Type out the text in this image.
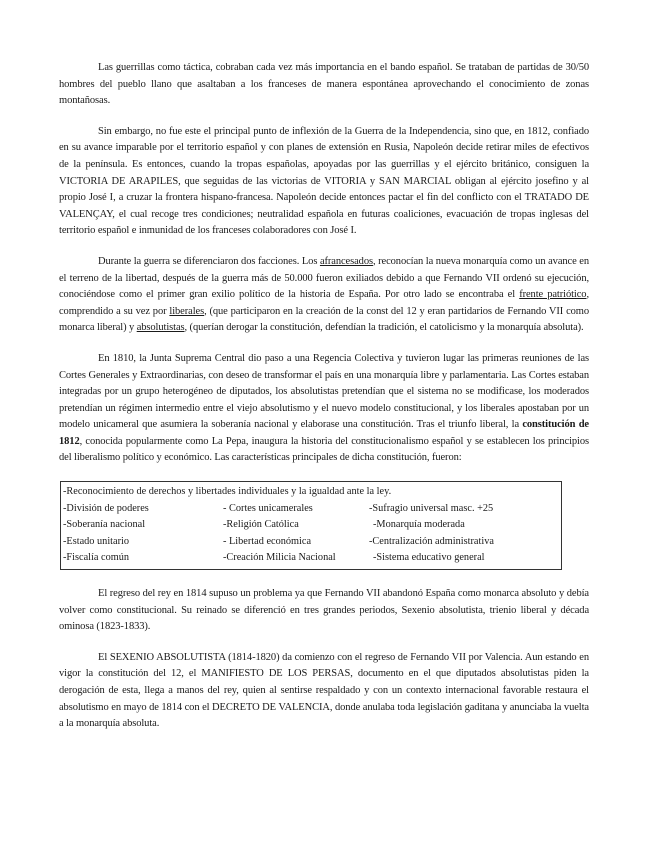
Las guerrillas como táctica, cobraban cada vez más importancia en el bando español. Se trataban de partidas de 30/50 hombres del pueblo llano que asaltaban a los franceses de manera espontánea aprovechando el conocimiento de zonas montañosas.

Sin embargo, no fue este el principal punto de inflexión de la Guerra de la Independencia, sino que, en 1812, confiado en su avance imparable por el territorio español y con planes de extensión en Rusia, Napoleón decide retirar miles de efectivos de la península. Es entonces, cuando la tropas españolas, apoyadas por las guerrillas y el ejército británico, consiguen la VICTORIA DE ARAPILES, que seguidas de las victorias de VITORIA y SAN MARCIAL obligan al ejército josefino y al propio José I, a cruzar la frontera hispano-francesa. Napoleón decide entonces pactar el fin del conflicto con el TRATADO DE VALENÇAY, el cual recoge tres condiciones; neutralidad española en futuras coaliciones, evacuación de tropas inglesas del territorio español e inmunidad de los franceses colaboradores con José I.

Durante la guerra se diferenciaron dos facciones. Los afrancesados, reconocían la nueva monarquía como un avance en el terreno de la libertad, después de la guerra más de 50.000 fueron exiliados debido a que Fernando VII ordenó su ejecución, conociéndose como el primer gran exilio político de la historia de España. Por otro lado se encontraba el frente patriótico, comprendido a su vez por liberales, (que participaron en la creación de la const del 12 y eran partidarios de Fernando VII como monarca liberal) y absolutistas, (querían derogar la constitución, defendían la tradición, el catolicismo y la monarquía absoluta).

En 1810, la Junta Suprema Central dio paso a una Regencia Colectiva y tuvieron lugar las primeras reuniones de las Cortes Generales y Extraordinarias, con deseo de transformar el país en una monarquía libre y parlamentaria. Las Cortes estaban integradas por un grupo heterogéneo de diputados, los absolutistas pretendían que el sistema no se modificase, los moderados pretendían un régimen intermedio entre el viejo absolutismo y el nuevo modelo constitucional, y los liberales apostaban por un modelo unicameral que asumiera la soberanía nacional y elaborase una constitución. Tras el triunfo liberal, la constitución de 1812, conocida popularmente como La Pepa, inaugura la historia del constitucionalismo español y se establecen los principios del liberalismo político y económico. Las características principales de dicha constitución, fueron:

-Reconocimiento de derechos y libertades individuales y la igualdad ante la ley.
-División de poderes	- Cortes unicamerales	-Sufragio universal masc. +25
-Soberanía nacional	-Religión Católica	-Monarquía moderada
-Estado unitario	- Libertad económica	-Centralización administrativa
-Fiscalía común	-Creación Milicia Nacional	-Sistema educativo general

El regreso del rey en 1814 supuso un problema ya que Fernando VII abandonó España como monarca absoluto y debía volver como constitucional. Su reinado se diferenció en tres grandes periodos, Sexenio absolutista, trienio liberal y década ominosa (1823-1833).

El SEXENIO ABSOLUTISTA (1814-1820) da comienzo con el regreso de Fernando VII por Valencia. Aun estando en vigor la constitución del 12, el MANIFIESTO DE LOS PERSAS, documento en el que diputados absolutistas piden la derogación de esta, llega a manos del rey, quien al sentirse respaldado y con un contexto internacional favorable restaura el absolutismo en mayo de 1814 con el DECRETO DE VALENCIA, donde anulaba toda legislación gaditana y anunciaba la vuelta a la monarquía absoluta.
